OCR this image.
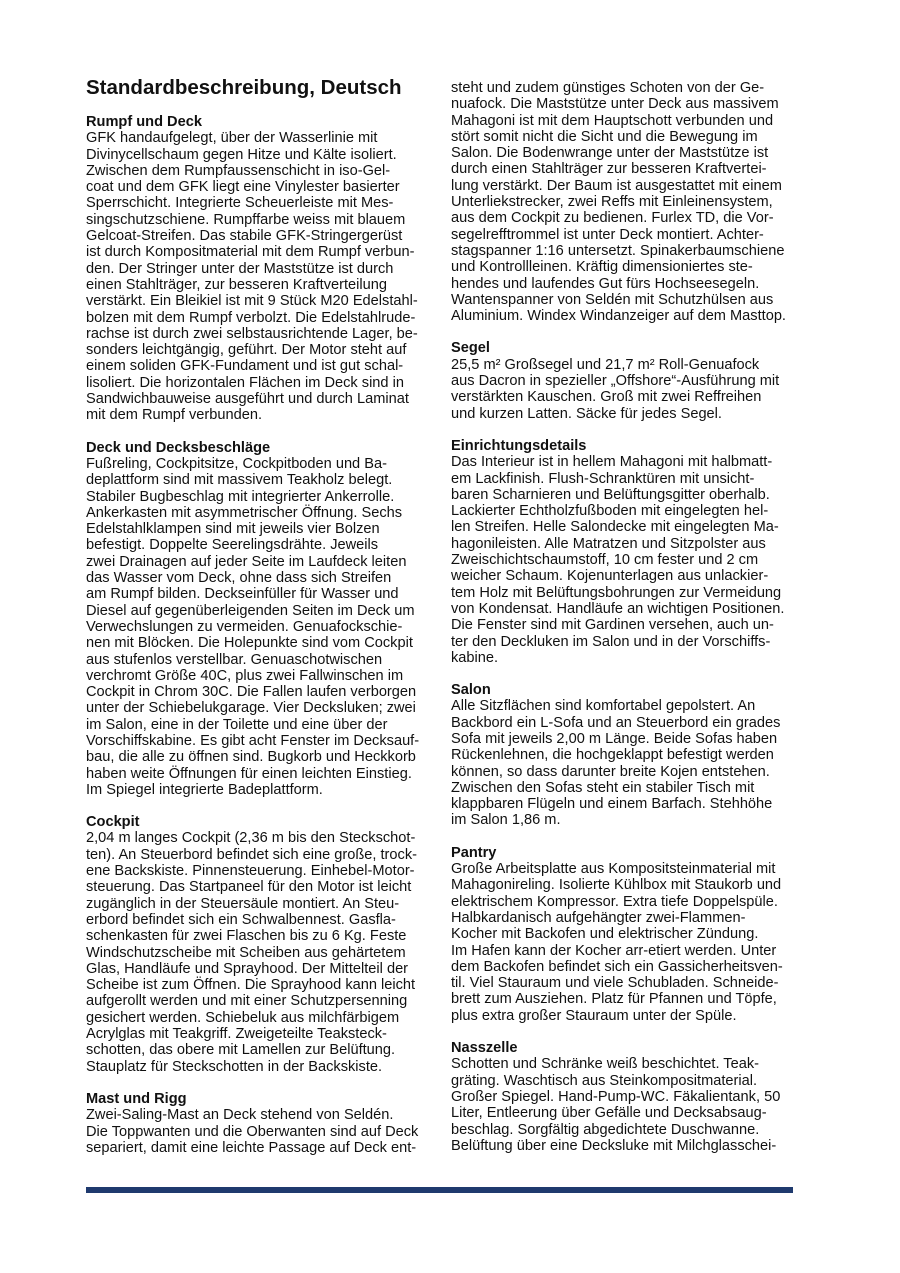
Standardbeschreibung, Deutsch
Rumpf und Deck

GFK handaufgelegt, über der Wasserlinie mit
Divinycellschaum gegen Hitze und Kälte isoliert.
Zwischen dem Rumpfaussenschicht in iso-Gel-
coat und dem GFK liegt eine Vinylester basierter
Sperrschicht. Integrierte Scheuerleiste mit Mes-
singschutzschiene. Rumpffarbe weiss mit blauem
Gelcoat-Streifen. Das stabile GFK-Stringergerüst
ist durch Kompositmaterial mit dem Rumpf verbun-
den. Der Stringer unter der Maststütze ist durch
einen Stahlträger, zur besseren Kraftverteilung
verstärkt. Ein Bleikiel ist mit 9 Stück M20 Edelstahl-
bolzen mit dem Rumpf verbolzt. Die Edelstahlrude-
rachse ist durch zwei selbstausrichtende Lager, be-
sonders leichtgängig, geführt. Der Motor steht auf
einem soliden GFK-Fundament und ist gut schal-
lisoliert. Die horizontalen Flächen im Deck sind in
Sandwichbauweise ausgeführt und durch Laminat
mit dem Rumpf verbunden.

Deck und Decksbeschläge

Fußreling, Cockpitsitze, Cockpitboden und Ba-
deplattform sind mit massivem Teakholz belegt.
Stabiler Bugbeschlag mit integrierter Ankerrolle.
Ankerkasten mit asymmetrischer Öffnung. Sechs
Edelstahlklampen sind mit jeweils vier Bolzen
befestigt. Doppelte Seerelingsdrähte. Jeweils
zwei Drainagen auf jeder Seite im Laufdeck leiten
das Wasser vom Deck, ohne dass sich Streifen
am Rumpf bilden. Deckseinfüller für Wasser und
Diesel auf gegenüberleigenden Seiten im Deck um
Verwechslungen zu vermeiden. Genuafockschie-
nen mit Blöcken. Die Holepunkte sind vom Cockpit
aus stufenlos verstellbar. Genuaschotwischen
verchromt Größe 40C, plus zwei Fallwinschen im
Cockpit in Chrom 30C. Die Fallen laufen verborgen
unter der Schiebelukgarage. Vier Decksluken; zwei
im Salon, eine in der Toilette und eine über der
Vorschiffskabine. Es gibt acht Fenster im Decksauf-
bau, die alle zu öffnen sind. Bugkorb und Heckkorb
haben weite Öffnungen für einen leichten Einstieg.
Im Spiegel integrierte Badeplattform.

Cockpit

2,04 m langes Cockpit (2,36 m bis den Steckschot-
ten). An Steuerbord befindet sich eine große, trock-
ene Backskiste. Pinnensteuerung. Einhebel-Motor-
steuerung. Das Startpaneel für den Motor ist leicht
zugänglich in der Steuersäule montiert. An Steu-
erbord befindet sich ein Schwalbennest. Gasfla-
schenkasten für zwei Flaschen bis zu 6 Kg. Feste
Windschutzscheibe mit Scheiben aus gehärtetem
Glas, Handläufe und Sprayhood. Der Mittelteil der
Scheibe ist zum Öffnen. Die Sprayhood kann leicht
aufgerollt werden und mit einer Schutzpersenning
gesichert werden. Schiebeluk aus milchfärbigem
Acrylglas mit Teakgriff. Zweigeteilte Teaksteck-
schotten, das obere mit Lamellen zur Belüftung.
Stauplatz für Steckschotten in der Backskiste.

Mast und Rigg

Zwei-Saling-Mast an Deck stehend von Seldén.
Die Toppwanten und die Oberwanten sind auf Deck
separiert, damit eine leichte Passage auf Deck ent-

steht und zudem günstiges Schoten von der Ge-
nuafock. Die Maststütze unter Deck aus massivem
Mahagoni ist mit dem Hauptschott verbunden und
stört somit nicht die Sicht und die Bewegung im
Salon. Die Bodenwrange unter der Maststütze ist
durch einen Stahlträger zur besseren Kraftvertei-
lung verstärkt. Der Baum ist ausgestattet mit einem
Unterliekstrecker, zwei Reffs mit Einleinensystem,
aus dem Cockpit zu bedienen. Furlex TD, die Vor-
segelrefftrommel ist unter Deck montiert. Achter-
stagspanner 1:16 untersetzt. Spinakerbaumschiene
und Kontrollleinen. Kräftig dimensioniertes ste-
hendes und laufendes Gut fürs Hochseesegeln.
Wantenspanner von Seldén mit Schutzhülsen aus
Aluminium. Windex Windanzeiger auf dem Masttop.

Segel

25,5 m² Großsegel und 21,7 m² Roll-Genuafock
aus Dacron in spezieller „Offshore“-Ausführung mit
verstärkten Kauschen. Groß mit zwei Reffreihen
und kurzen Latten. Säcke für jedes Segel.

Einrichtungsdetails

Das Interieur ist in hellem Mahagoni mit halbmatt-
em Lackfinish. Flush-Schranktüren mit unsicht-
baren Scharnieren und Belüftungsgitter oberhalb.
Lackierter Echtholzfußboden mit eingelegten hel-
len Streifen. Helle Salondecke mit eingelegten Ma-
hagonileisten. Alle Matratzen und Sitzpolster aus
Zweischichtschaumstoff, 10 cm fester und 2 cm
weicher Schaum. Kojenunterlagen aus unlackier-
tem Holz mit Belüftungsbohrungen zur Vermeidung
von Kondensat. Handläufe an wichtigen Positionen.
Die Fenster sind mit Gardinen versehen, auch un-
ter den Deckluken im Salon und in der Vorschiffs-
kabine.

Salon

Alle Sitzflächen sind komfortabel gepolstert. An
Backbord ein L-Sofa und an Steuerbord ein grades
Sofa mit jeweils 2,00 m Länge. Beide Sofas haben
Rückenlehnen, die hochgeklappt befestigt werden
können, so dass darunter breite Kojen entstehen.
Zwischen den Sofas steht ein stabiler Tisch mit
klappbaren Flügeln und einem Barfach. Stehhöhe
im Salon 1,86 m.

Pantry

Große Arbeitsplatte aus Kompositsteinmaterial mit
Mahagonireling. Isolierte Kühlbox mit Staukorb und
elektrischem Kompressor. Extra tiefe Doppelspüle.
Halbkardanisch aufgehängter zwei-Flammen-
Kocher mit Backofen und elektrischer Zündung.
Im Hafen kann der Kocher arr-etiert werden. Unter
dem Backofen befindet sich ein Gassicherheitsven-
til. Viel Stauraum und viele Schubladen. Schneide-
brett zum Ausziehen. Platz für Pfannen und Töpfe,
plus extra großer Stauraum unter der Spüle.

Nasszelle

Schotten und Schränke weiß beschichtet. Teak-
gräting. Waschtisch aus Steinkompositmaterial.
Großer Spiegel. Hand-Pump-WC. Fäkalientank, 50
Liter, Entleerung über Gefälle und Decksabsaug-
beschlag. Sorgfältig abgedichtete Duschwanne.
Belüftung über eine Decksluke mit Milchglasschei-
